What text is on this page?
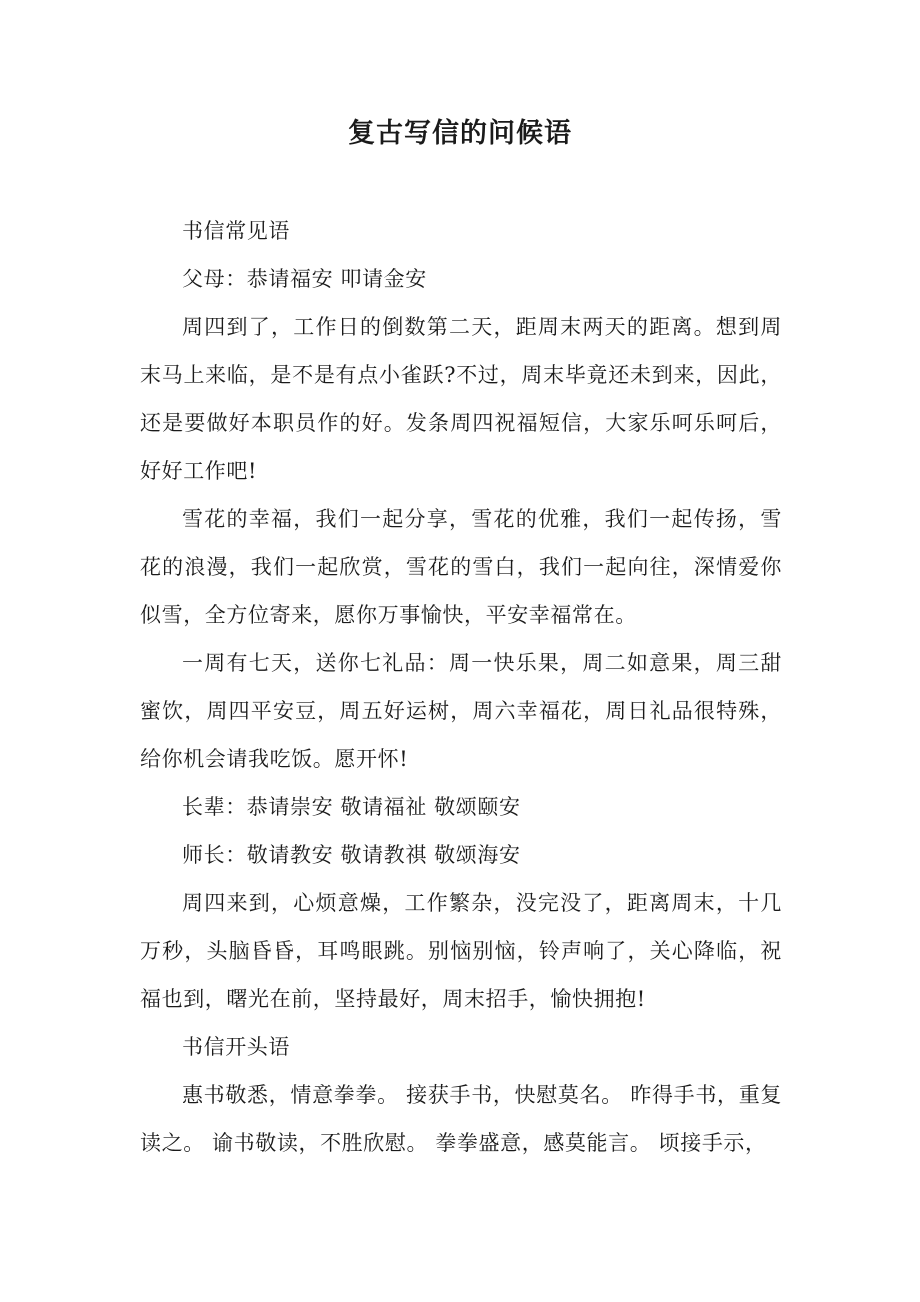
复古写信的问候语

书信常见语

父母：恭请福安 叩请金安

周四到了，工作日的倒数第二天，距周末两天的距离。想到周末马上来临，是不是有点小雀跃?不过，周末毕竟还未到来，因此，还是要做好本职员作的好。发条周四祝福短信，大家乐呵乐呵后，好好工作吧!

雪花的幸福，我们一起分享，雪花的优雅，我们一起传扬，雪花的浪漫，我们一起欣赏，雪花的雪白，我们一起向往，深情爱你似雪，全方位寄来，愿你万事愉快，平安幸福常在。

一周有七天，送你七礼品：周一快乐果，周二如意果，周三甜蜜饮，周四平安豆，周五好运树，周六幸福花，周日礼品很特殊，给你机会请我吃饭。愿开怀!

长辈：恭请崇安 敬请福祉 敬颂颐安

师长：敬请教安 敬请教祺 敬颂海安

周四来到，心烦意燥，工作繁杂，没完没了，距离周末，十几万秒，头脑昏昏，耳鸣眼跳。别恼别恼，铃声响了，关心降临，祝福也到，曙光在前，坚持最好，周末招手，愉快拥抱!

书信开头语

惠书敬悉，情意拳拳。 接获手书，快慰莫名。 昨得手书，重复读之。 谕书敬读，不胜欣慰。 拳拳盛意，感莫能言。 顷接手示，
